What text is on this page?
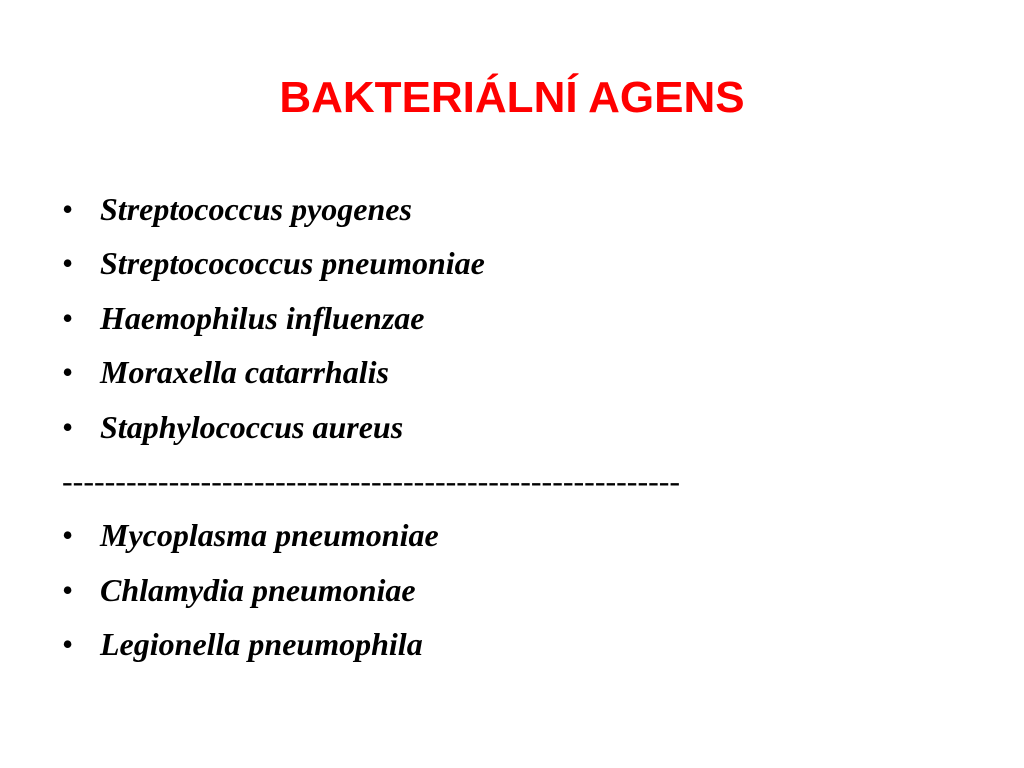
BAKTERIÁLNÍ AGENS
• Streptococcus pyogenes
• Streptocococcus pneumoniae
• Haemophilus influenzae
• Moraxella catarrhalis
• Staphylococcus aureus
----------------------------------------------------------
• Mycoplasma pneumoniae
• Chlamydia pneumoniae
• Legionella pneumophila
